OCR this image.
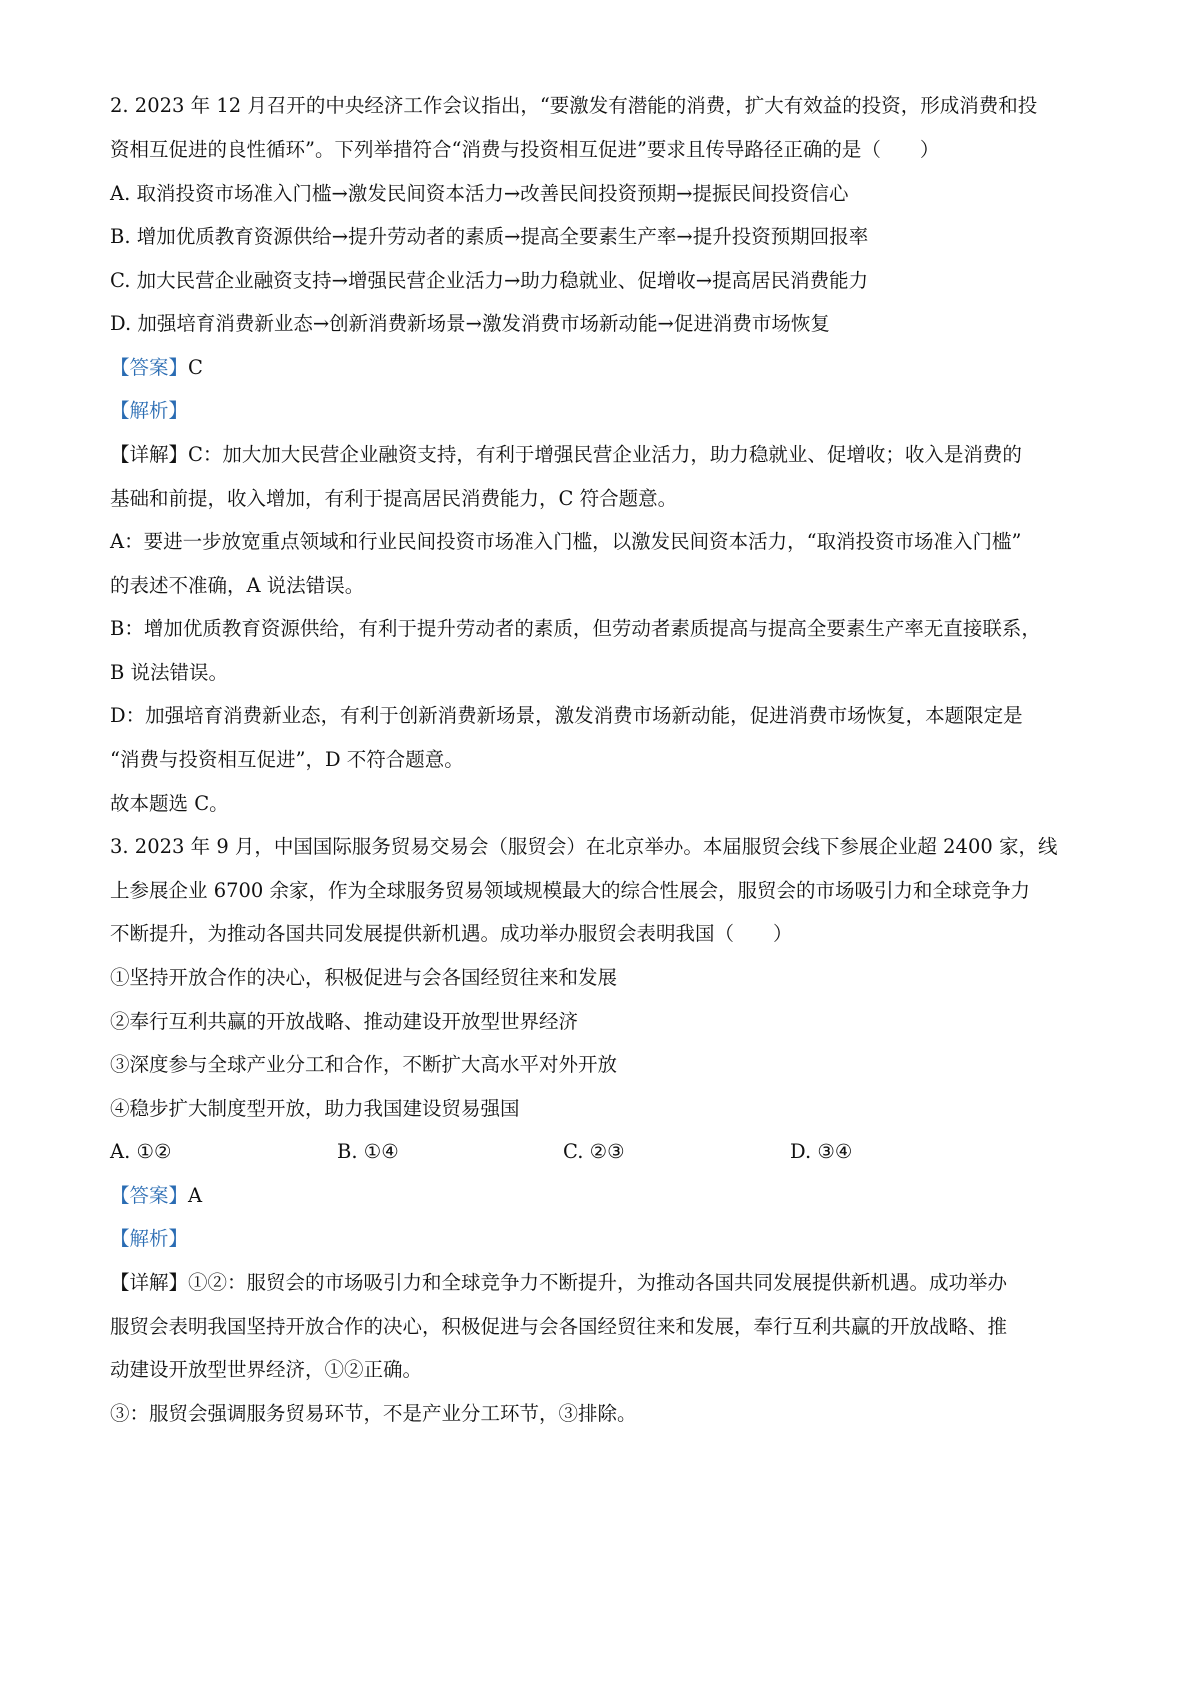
2. 2023 年 12 月召开的中央经济工作会议指出，“要激发有潜能的消费，扩大有效益的投资，形成消费和投
资相互促进的良性循环”。下列举措符合“消费与投资相互促进”要求且传导路径正确的是（　　）
A. 取消投资市场准入门槛→激发民间资本活力→改善民间投资预期→提振民间投资信心
B. 增加优质教育资源供给→提升劳动者的素质→提高全要素生产率→提升投资预期回报率
C. 加大民营企业融资支持→增强民营企业活力→助力稳就业、促增收→提高居民消费能力
D. 加强培育消费新业态→创新消费新场景→激发消费市场新动能→促进消费市场恢复
【答案】C
【解析】
【详解】C：加大加大民营企业融资支持，有利于增强民营企业活力，助力稳就业、促增收；收入是消费的
基础和前提，收入增加，有利于提高居民消费能力，C 符合题意。
A：要进一步放宽重点领域和行业民间投资市场准入门槛，以激发民间资本活力，“取消投资市场准入门槛”
的表述不准确，A 说法错误。
B：增加优质教育资源供给，有利于提升劳动者的素质，但劳动者素质提高与提高全要素生产率无直接联系，
B 说法错误。
D：加强培育消费新业态，有利于创新消费新场景，激发消费市场新动能，促进消费市场恢复，本题限定是
“消费与投资相互促进”，D 不符合题意。
故本题选 C。
3. 2023 年 9 月，中国国际服务贸易交易会（服贸会）在北京举办。本届服贸会线下参展企业超 2400 家，线
上参展企业 6700 余家，作为全球服务贸易领域规模最大的综合性展会，服贸会的市场吸引力和全球竞争力
不断提升，为推动各国共同发展提供新机遇。成功举办服贸会表明我国（　　）
①坚持开放合作的决心，积极促进与会各国经贸往来和发展
②奉行互利共赢的开放战略、推动建设开放型世界经济
③深度参与全球产业分工和合作，不断扩大高水平对外开放
④稳步扩大制度型开放，助力我国建设贸易强国
A. ①②	B. ①④	C. ②③	D. ③④
【答案】A
【解析】
【详解】①②：服贸会的市场吸引力和全球竞争力不断提升，为推动各国共同发展提供新机遇。成功举办
服贸会表明我国坚持开放合作的决心，积极促进与会各国经贸往来和发展，奉行互利共赢的开放战略、推
动建设开放型世界经济，①②正确。
③：服贸会强调服务贸易环节，不是产业分工环节，③排除。
